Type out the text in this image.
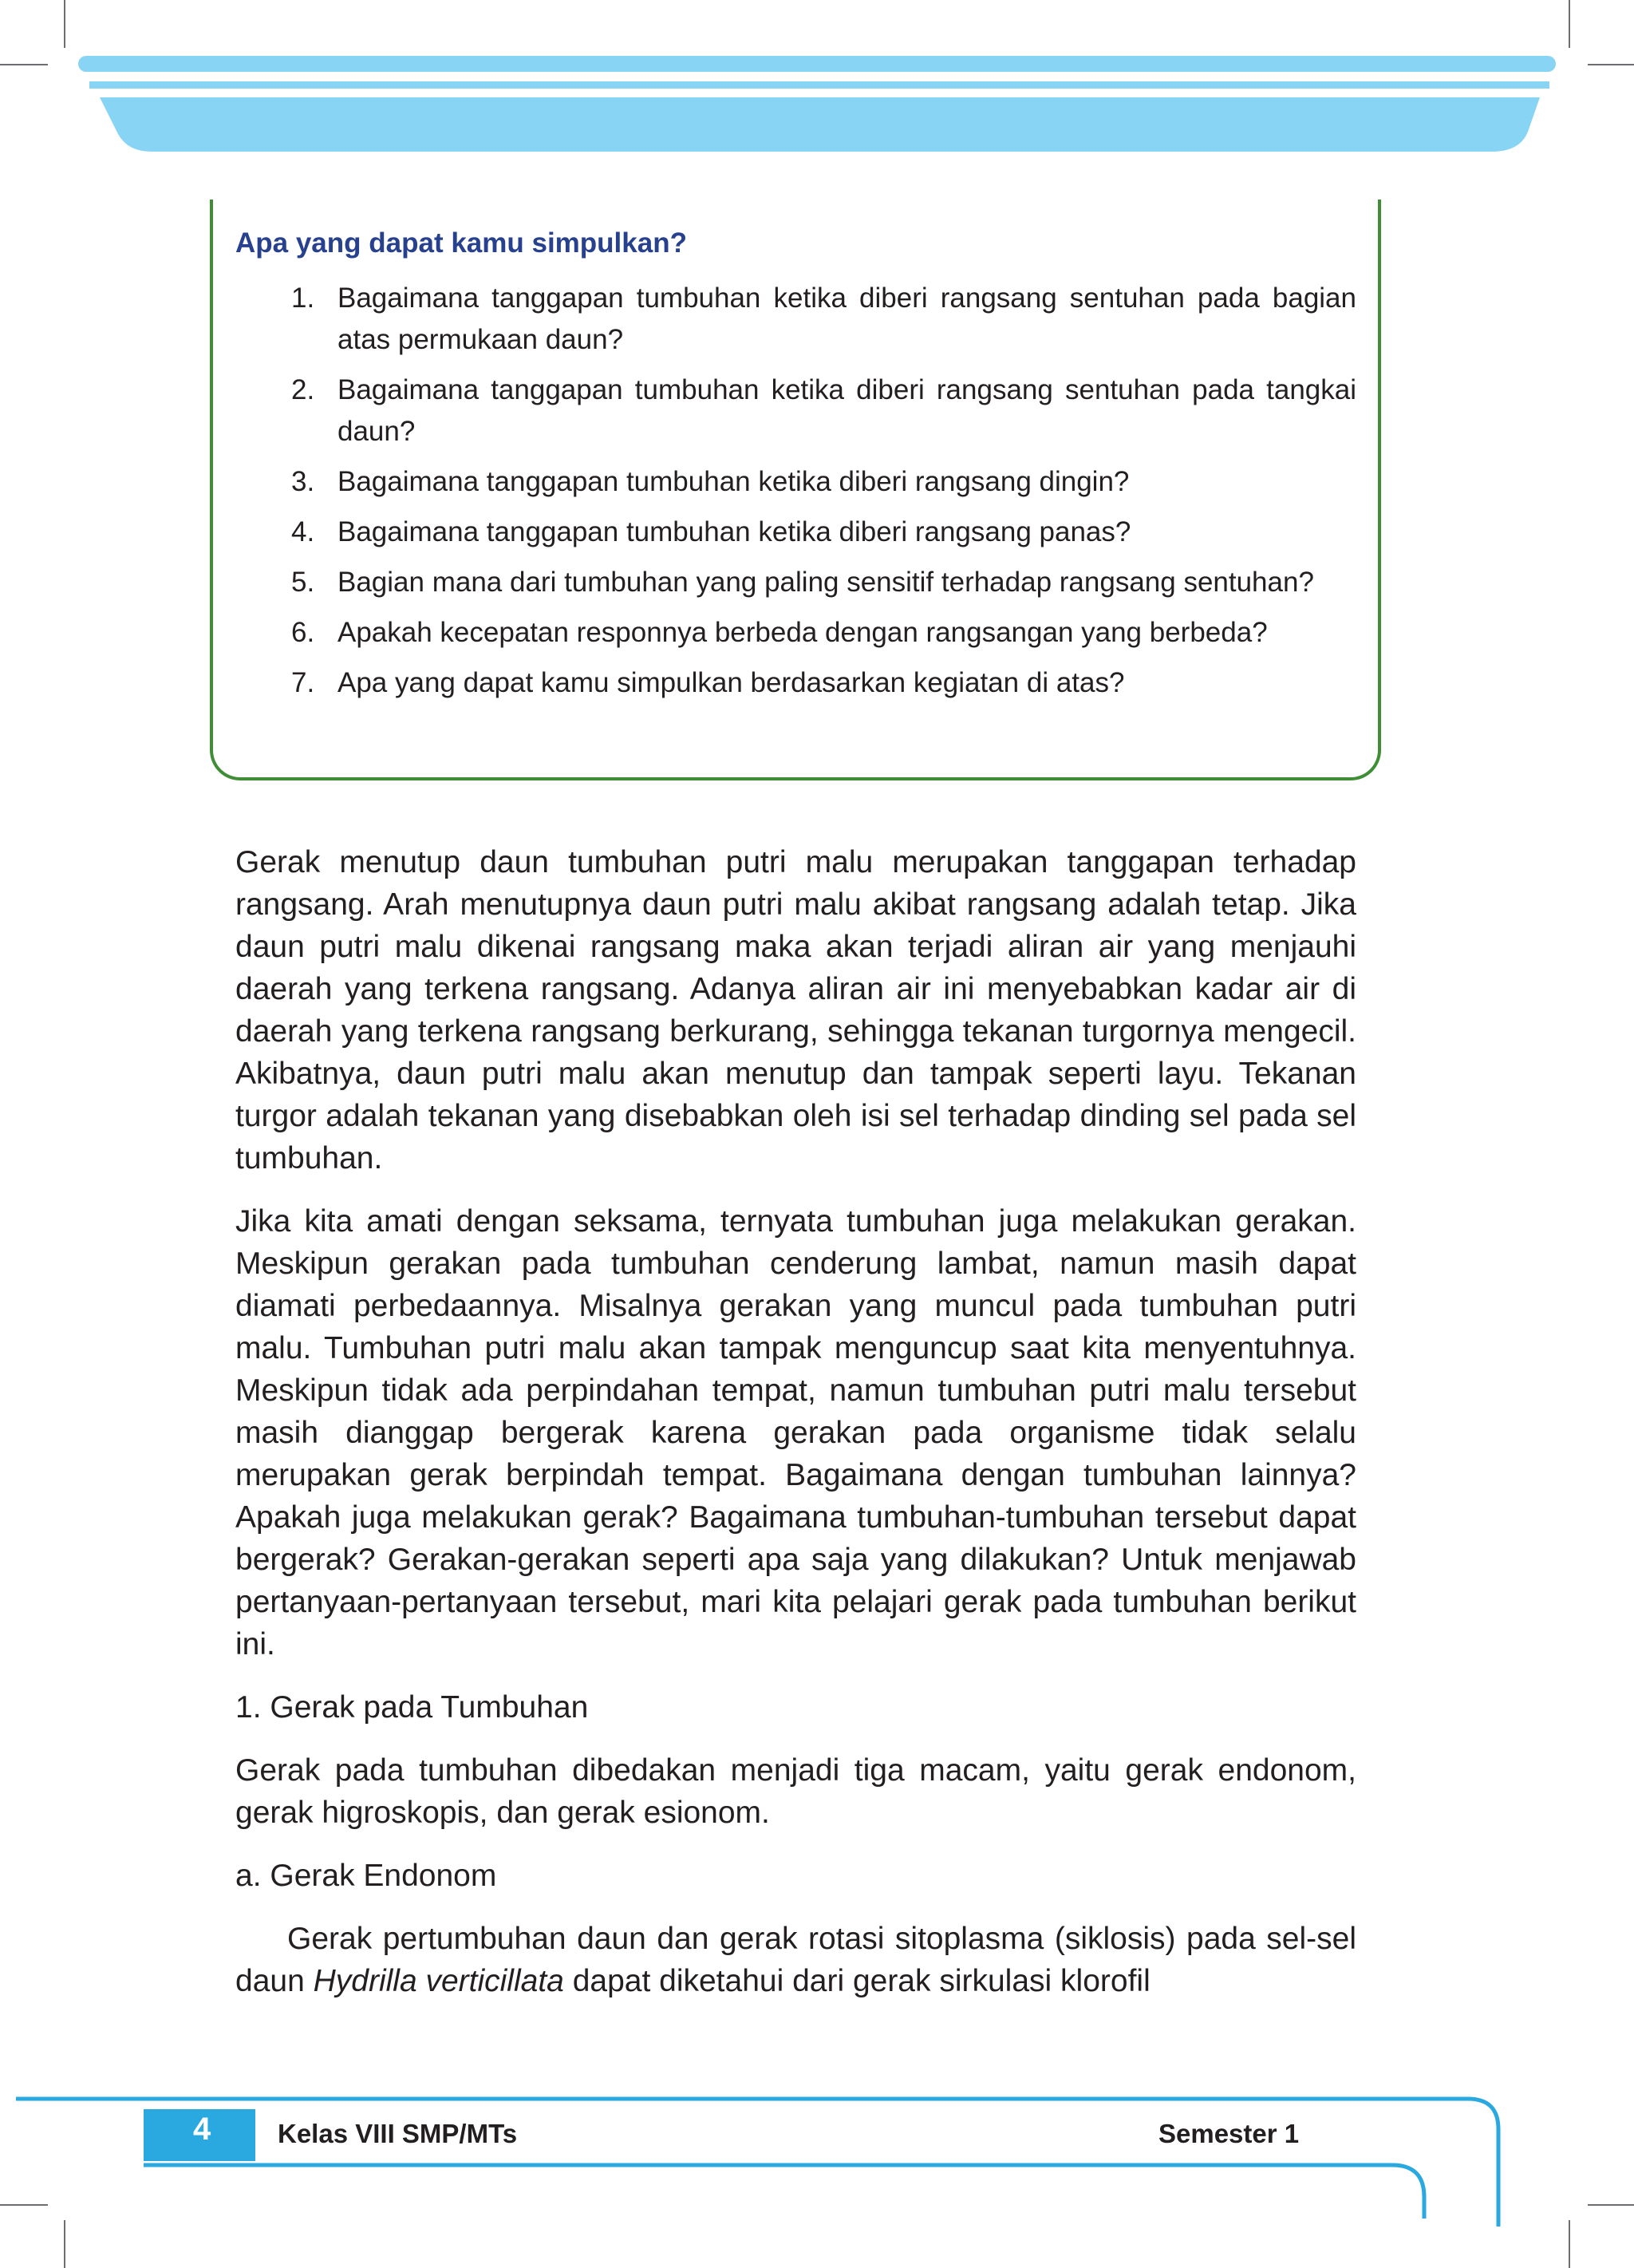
Apa yang dapat kamu simpulkan?
1. Bagaimana tanggapan tumbuhan ketika diberi rangsang sentuhan pada bagian atas permukaan daun?
2. Bagaimana tanggapan tumbuhan ketika diberi rangsang sentuhan pada tangkai daun?
3. Bagaimana tanggapan tumbuhan ketika diberi rangsang dingin?
4. Bagaimana tanggapan tumbuhan ketika diberi rangsang panas?
5. Bagian mana dari tumbuhan yang paling sensitif terhadap rangsang sentuhan?
6. Apakah kecepatan responnya berbeda dengan rangsangan yang berbeda?
7. Apa yang dapat kamu simpulkan berdasarkan kegiatan di atas?

Gerak menutup daun tumbuhan putri malu merupakan tanggapan terhadap rangsang. Arah menutupnya daun putri malu akibat rangsang adalah tetap. Jika daun putri malu dikenai rangsang maka akan terjadi aliran air yang menjauhi daerah yang terkena rangsang. Adanya aliran air ini menyebabkan kadar air di daerah yang terkena rangsang berkurang, sehingga tekanan turgornya mengecil. Akibatnya, daun putri malu akan menutup dan tampak seperti layu. Tekanan turgor adalah tekanan yang disebabkan oleh isi sel terhadap dinding sel pada sel tumbuhan.

Jika kita amati dengan seksama, ternyata tumbuhan juga melakukan gerakan. Meskipun gerakan pada tumbuhan cenderung lambat, namun masih dapat diamati perbedaannya. Misalnya gerakan yang muncul pada tumbuhan putri malu. Tumbuhan putri malu akan tampak menguncup saat kita menyentuhnya. Meskipun tidak ada perpindahan tempat, namun tumbuhan putri malu tersebut masih dianggap bergerak karena gerakan pada organisme tidak selalu merupakan gerak berpindah tempat. Bagaimana dengan tumbuhan lainnya? Apakah juga melakukan gerak? Bagaimana tumbuhan-tumbuhan tersebut dapat bergerak? Gerakan-gerakan seperti apa saja yang dilakukan? Untuk menjawab pertanyaan-pertanyaan tersebut, mari kita pelajari gerak pada tumbuhan berikut ini.

1. Gerak pada Tumbuhan

Gerak pada tumbuhan dibedakan menjadi tiga macam, yaitu gerak endonom, gerak higroskopis, dan gerak esionom.

a. Gerak Endonom

Gerak pertumbuhan daun dan gerak rotasi sitoplasma (siklosis) pada sel-sel daun Hydrilla verticillata dapat diketahui dari gerak sirkulasi klorofil

4	Kelas VIII SMP/MTs	Semester 1
